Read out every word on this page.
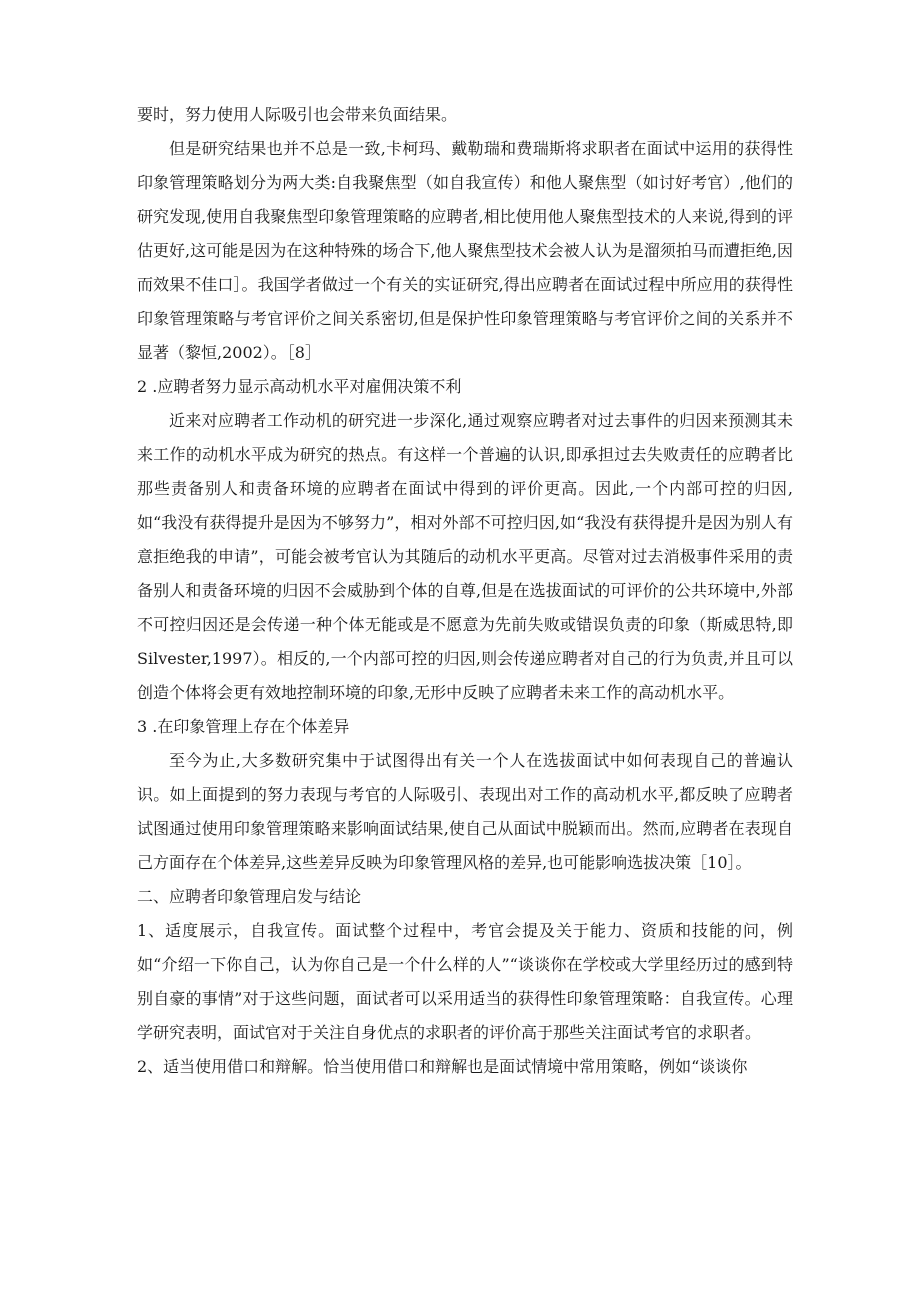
要时，努力使用人际吸引也会带来负面结果。

但是研究结果也并不总是一致,卡柯玛、戴勒瑞和费瑞斯将求职者在面试中运用的获得性印象管理策略划分为两大类:自我聚焦型（如自我宣传）和他人聚焦型（如讨好考官）,他们的研究发现,使用自我聚焦型印象管理策略的应聘者,相比使用他人聚焦型技术的人来说,得到的评估更好,这可能是因为在这种特殊的场合下,他人聚焦型技术会被人认为是溜须拍马而遭拒绝,因而效果不佳口］。我国学者做过一个有关的实证研究,得出应聘者在面试过程中所应用的获得性印象管理策略与考官评价之间关系密切,但是保护性印象管理策略与考官评价之间的关系并不显著（黎恒,2002）。［8］

2 .应聘者努力显示高动机水平对雇佣决策不利

近来对应聘者工作动机的研究进一步深化,通过观察应聘者对过去事件的归因来预测其未来工作的动机水平成为研究的热点。有这样一个普遍的认识,即承担过去失败责任的应聘者比那些责备别人和责备环境的应聘者在面试中得到的评价更高。因此,一个内部可控的归因,如“我没有获得提升是因为不够努力”，相对外部不可控归因,如“我没有获得提升是因为别人有意拒绝我的申请”，可能会被考官认为其随后的动机水平更高。尽管对过去消极事件采用的责备别人和责备环境的归因不会威胁到个体的自尊,但是在选拔面试的可评价的公共环境中,外部不可控归因还是会传递一种个体无能或是不愿意为先前失败或错误负责的印象（斯威思特,即Silvester,1997）。相反的,一个内部可控的归因,则会传递应聘者对自己的行为负责,并且可以创造个体将会更有效地控制环境的印象,无形中反映了应聘者未来工作的高动机水平。

3 .在印象管理上存在个体差异

至今为止,大多数研究集中于试图得出有关一个人在选拔面试中如何表现自己的普遍认识。如上面提到的努力表现与考官的人际吸引、表现出对工作的高动机水平,都反映了应聘者试图通过使用印象管理策略来影响面试结果,使自己从面试中脱颖而出。然而,应聘者在表现自己方面存在个体差异,这些差异反映为印象管理风格的差异,也可能影响选拔决策［10］。

二、应聘者印象管理启发与结论

1、适度展示，自我宣传。面试整个过程中，考官会提及关于能力、资质和技能的问，例如“介绍一下你自己，认为你自己是一个什么样的人”“谈谈你在学校或大学里经历过的感到特别自豪的事情”对于这些问题，面试者可以采用适当的获得性印象管理策略：自我宣传。心理学研究表明，面试官对于关注自身优点的求职者的评价高于那些关注面试考官的求职者。

2、适当使用借口和辩解。恰当使用借口和辩解也是面试情境中常用策略，例如“谈谈你
